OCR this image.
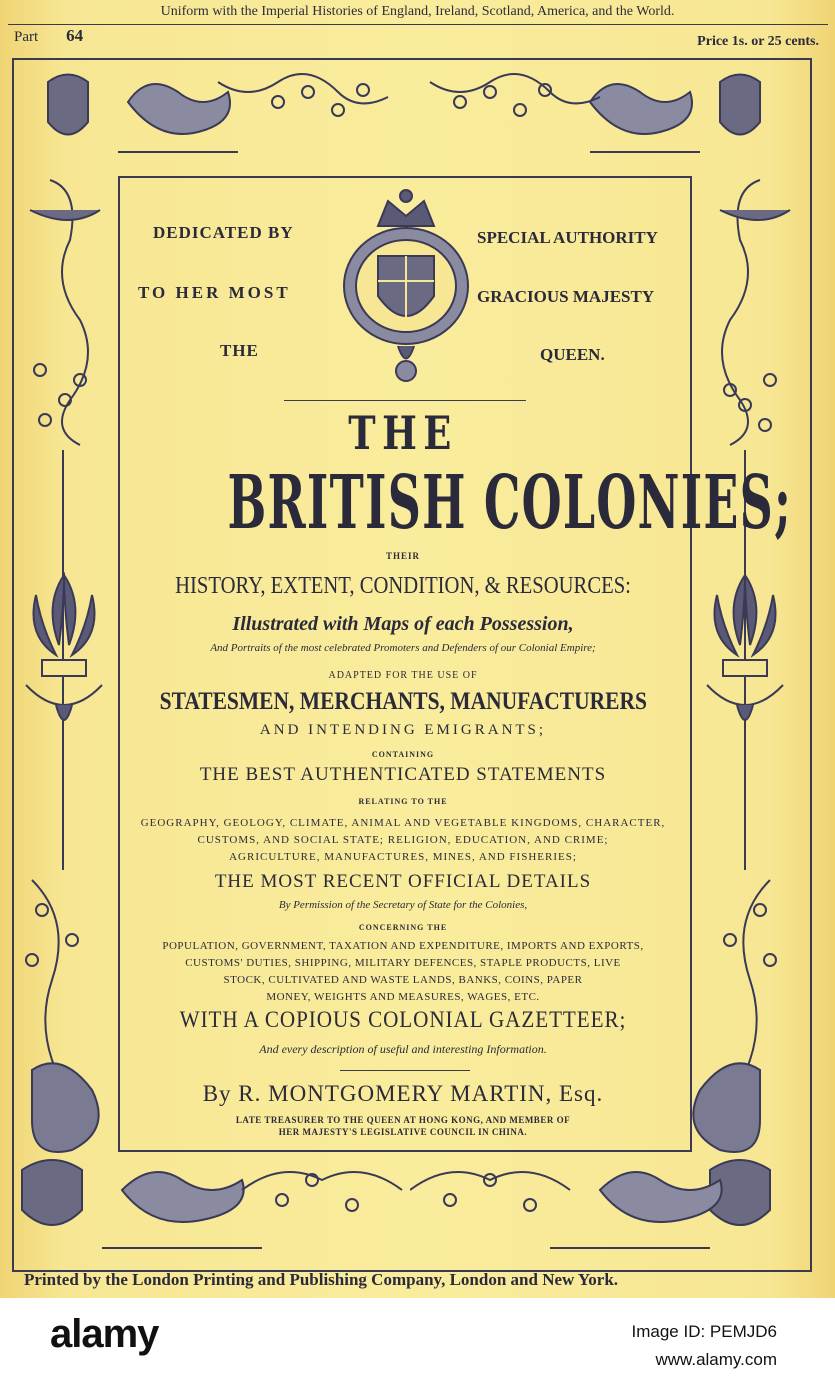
Uniform with the Imperial Histories of England, Ireland, Scotland, America, and the World.
Part 64	Price 1s. or 25 cents.
DEDICATED BY
TO HER MOST
THE
SPECIAL AUTHORITY
GRACIOUS MAJESTY
QUEEN.
THE
BRITISH COLONIES;
THEIR
HISTORY, EXTENT, CONDITION, & RESOURCES:
Illustrated with Maps of each Possession,
And Portraits of the most celebrated Promoters and Defenders of our Colonial Empire;
ADAPTED FOR THE USE OF
STATESMEN, MERCHANTS, MANUFACTURERS
AND INTENDING EMIGRANTS;
CONTAINING
THE BEST AUTHENTICATED STATEMENTS
RELATING TO THE
GEOGRAPHY, GEOLOGY, CLIMATE, ANIMAL AND VEGETABLE KINGDOMS, CHARACTER,
CUSTOMS, AND SOCIAL STATE; RELIGION, EDUCATION, AND CRIME;
AGRICULTURE, MANUFACTURES, MINES, AND FISHERIES;
THE MOST RECENT OFFICIAL DETAILS
By Permission of the Secretary of State for the Colonies,
CONCERNING THE
POPULATION, GOVERNMENT, TAXATION AND EXPENDITURE, IMPORTS AND EXPORTS,
CUSTOMS' DUTIES, SHIPPING, MILITARY DEFENCES, STAPLE PRODUCTS, LIVE
STOCK, CULTIVATED AND WASTE LANDS, BANKS, COINS, PAPER
MONEY, WEIGHTS AND MEASURES, WAGES, ETC.
WITH A COPIOUS COLONIAL GAZETTEER;
And every description of useful and interesting Information.
By R. MONTGOMERY MARTIN, Esq.
LATE TREASURER TO THE QUEEN AT HONG KONG, AND MEMBER OF
HER MAJESTY'S LEGISLATIVE COUNCIL IN CHINA.
Printed by the London Printing and Publishing Company, London and New York.
alamy	Image ID: PEMJD6
www.alamy.com
